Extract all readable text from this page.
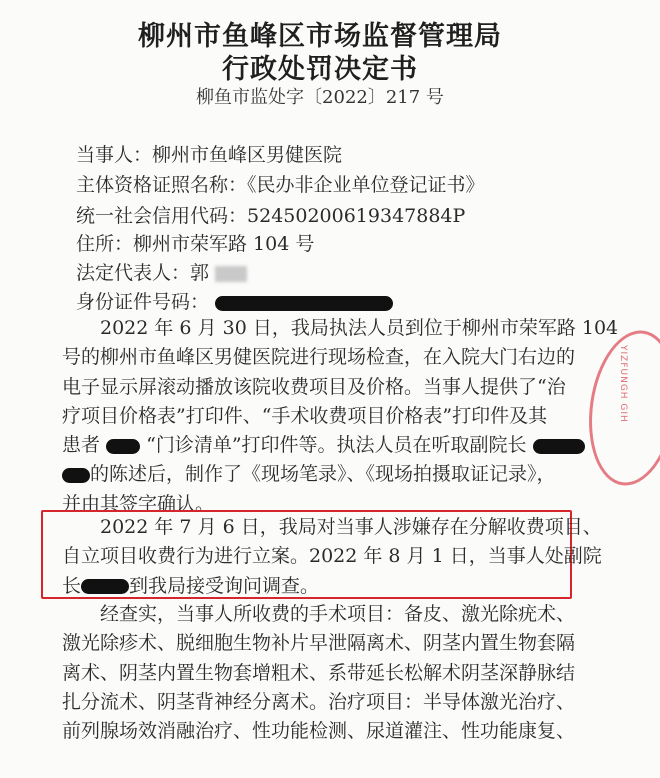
柳州市鱼峰区市场监督管理局
行政处罚决定书
柳鱼市监处字〔2022〕217 号
当事人：柳州市鱼峰区男健医院
主体资格证照名称：《民办非企业单位登记证书》
统一社会信用代码：52450200619347884P
住所：柳州市荣军路 104 号
法定代表人：郭
身份证件号码：

　　2022 年 6 月 30 日，我局执法人员到位于柳州市荣军路 104

号的柳州市鱼峰区男健医院进行现场检查，在入院大门右边的

电子显示屏滚动播放该院收费项目及价格。当事人提供了“治

疗项目价格表”打印件、“手术收费项目价格表”打印件及其

患者 “门诊清单”打印件等。执法人员在听取副院长

的陈述后，制作了《现场笔录》、《现场拍摄取证记录》，

并由其签字确认。

　　2022 年 7 月 6 日，我局对当事人涉嫌存在分解收费项目、

自立项目收费行为进行立案。2022 年 8 月 1 日，当事人处副院

长	到我局接受询问调查。

　　经查实，当事人所收费的手术项目：备皮、激光除疣术、

激光除疹术、脱细胞生物补片早泄隔离术、阴茎内置生物套隔

离术、阴茎内置生物套增粗术、系带延长松解术阴茎深静脉结

扎分流术、阴茎背神经分离术。治疗项目：半导体激光治疗、

前列腺场效消融治疗、性功能检测、尿道灌注、性功能康复、

YIZFUNGH GIH
